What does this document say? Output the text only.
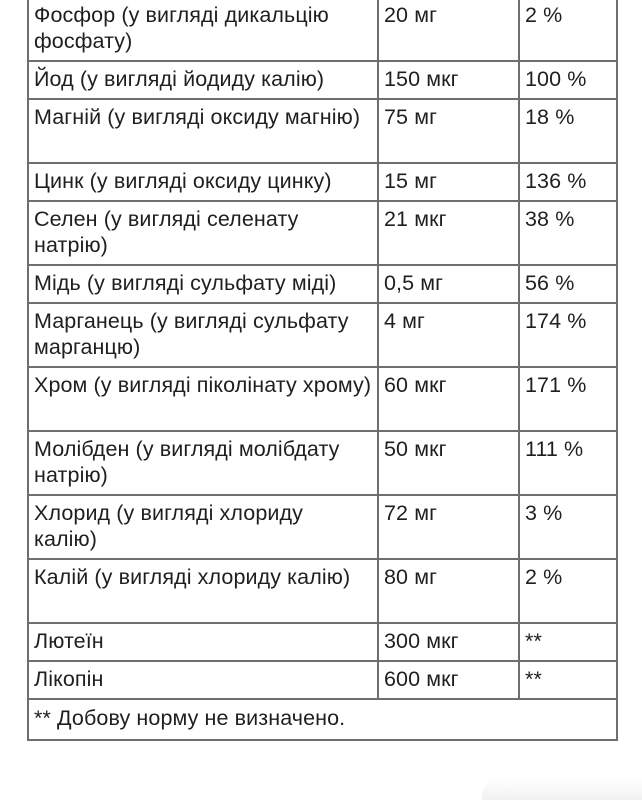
Фосфор (у вигляді дикальцію фосфату)	20 мг	2 %
Йод (у вигляді йодиду калію)	150 мкг	100 %
Магній (у вигляді оксиду магнію)	75 мг	18 %
Цинк (у вигляді оксиду цинку)	15 мг	136 %
Селен (у вигляді селенату натрію)	21 мкг	38 %
Мідь (у вигляді сульфату міді)	0,5 мг	56 %
Марганець (у вигляді сульфату марганцю)	4 мг	174 %
Хром (у вигляді піколінату хрому)	60 мкг	171 %
Молібден (у вигляді молібдату натрію)	50 мкг	111 %
Хлорид (у вигляді хлориду калію)	72 мг	3 %
Калій (у вигляді хлориду калію)	80 мг	2 %
Лютеїн	300 мкг	**
Лікопін	600 мкг	**
** Добову норму не визначено.		
